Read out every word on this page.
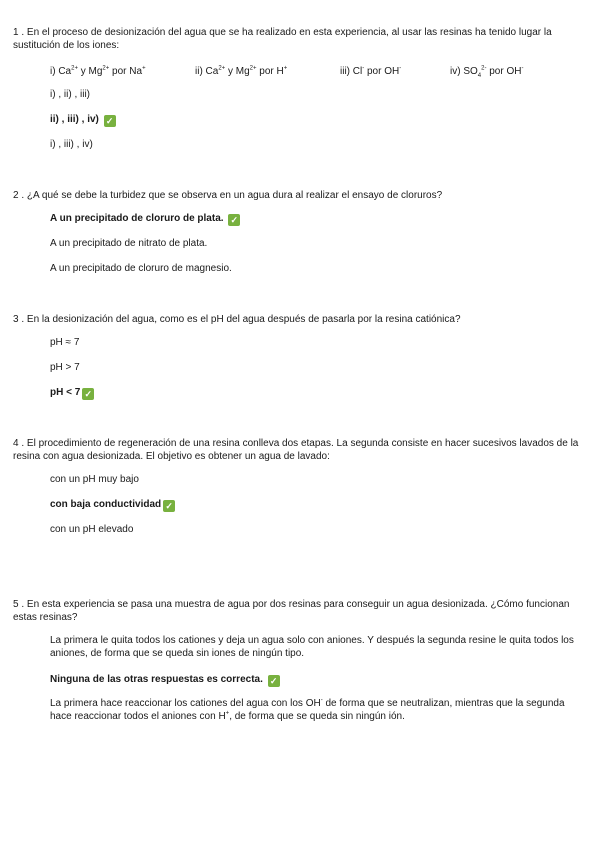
1 . En el proceso de desionización del agua que se ha realizado en esta experiencia, al usar las resinas ha tenido lugar la sustitución de los iones:
i) $Ca^{2+}$ y $Mg^{2+}$ por Na+	ii) $Ca^{2+}$ y $Mg^{2+}$ por H+	iii) Cl- por OH-	iv) $SO_4^{2-}$ por OH-
i) , ii) , iii)
ii) , iii) , iv) ✓
i) , iii) , iv)
2 . ¿A qué se debe la turbidez que se observa en un agua dura al realizar el ensayo de cloruros?
A un precipitado de cloruro de plata. ✓
A un precipitado de nitrato de plata.
A un precipitado de cloruro de magnesio.
3 . En la desionización del agua, como es el pH del agua después de pasarla por la resina catiónica?
pH ≈ 7
pH > 7
pH < 7 ✓
4 . El procedimiento de regeneración de una resina conlleva dos etapas. La segunda consiste en hacer sucesivos lavados de la resina con agua desionizada. El objetivo es obtener un agua de lavado:
con un pH muy bajo
con baja conductividad ✓
con un pH elevado
5 . En esta experiencia se pasa una muestra de agua por dos resinas para conseguir un agua desionizada. ¿Cómo funcionan estas resinas?
La primera le quita todos los cationes y deja un agua solo con aniones. Y después la segunda resine le quita todos los aniones, de forma que se queda sin iones de ningún tipo.
Ninguna de las otras respuestas es correcta. ✓
La primera hace reaccionar los cationes del agua con los OH- de forma que se neutralizan, mientras que la segunda hace reaccionar todos el aniones con H+, de forma que se queda sin ningún ión.
